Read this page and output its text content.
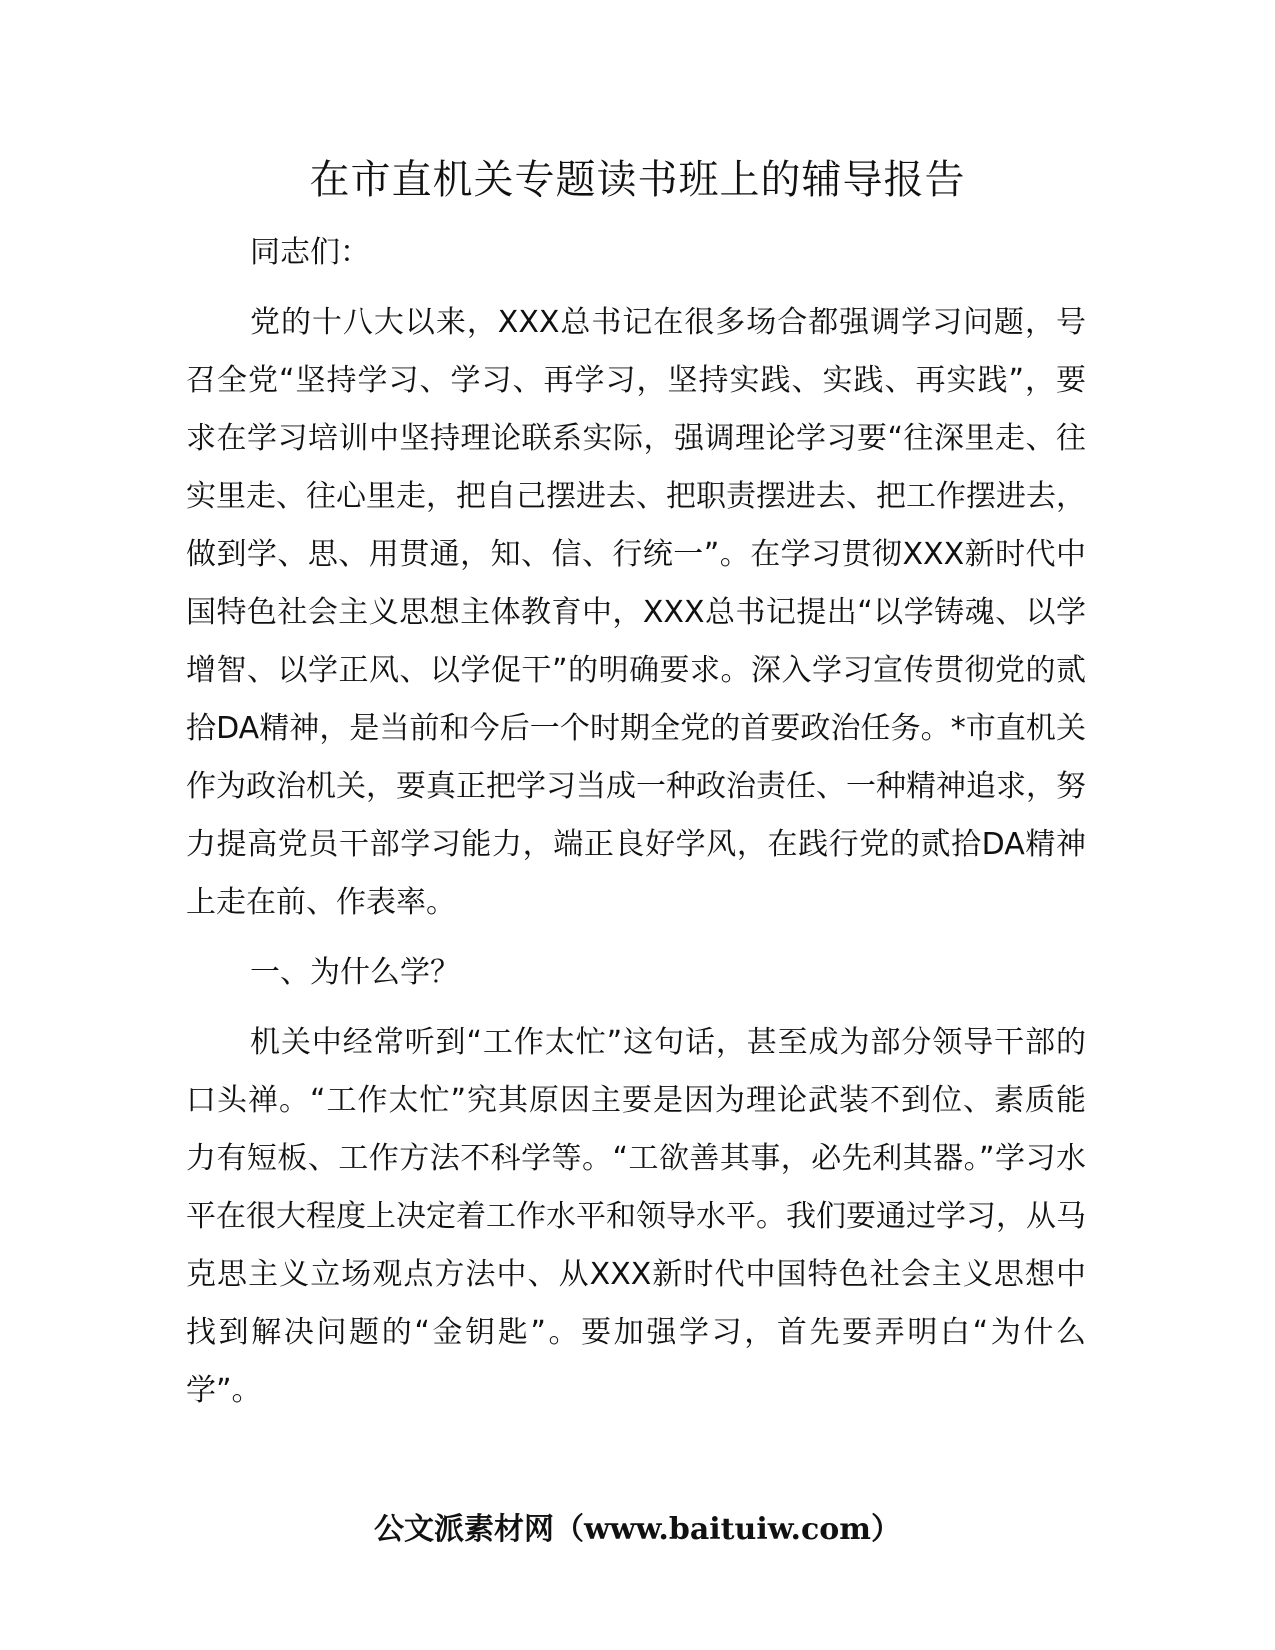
在市直机关专题读书班上的辅导报告

同志们：

党的十八大以来，XXX总书记在很多场合都强调学习问题，号召全党“坚持学习、学习、再学习，坚持实践、实践、再实践”，要求在学习培训中坚持理论联系实际，强调理论学习要“往深里走、往实里走、往心里走，把自己摆进去、把职责摆进去、把工作摆进去，做到学、思、用贯通，知、信、行统一”。在学习贯彻XXX新时代中国特色社会主义思想主体教育中，XXX总书记提出“以学铸魂、以学增智、以学正风、以学促干”的明确要求。深入学习宣传贯彻党的贰拾DA精神，是当前和今后一个时期全党的首要政治任务。*市直机关作为政治机关，要真正把学习当成一种政治责任、一种精神追求，努力提高党员干部学习能力，端正良好学风，在践行党的贰拾DA精神上走在前、作表率。

一、为什么学？

机关中经常听到“工作太忙”这句话，甚至成为部分领导干部的口头禅。“工作太忙”究其原因主要是因为理论武装不到位、素质能力有短板、工作方法不科学等。“工欲善其事，必先利其器。”学习水平在很大程度上决定着工作水平和领导水平。我们要通过学习，从马克思主义立场观点方法中、从XXX新时代中国特色社会主义思想中找到解决问题的“金钥匙”。要加强学习，首先要弄明白“为什么学”。

公文派素材网（www.baituiw.com）
